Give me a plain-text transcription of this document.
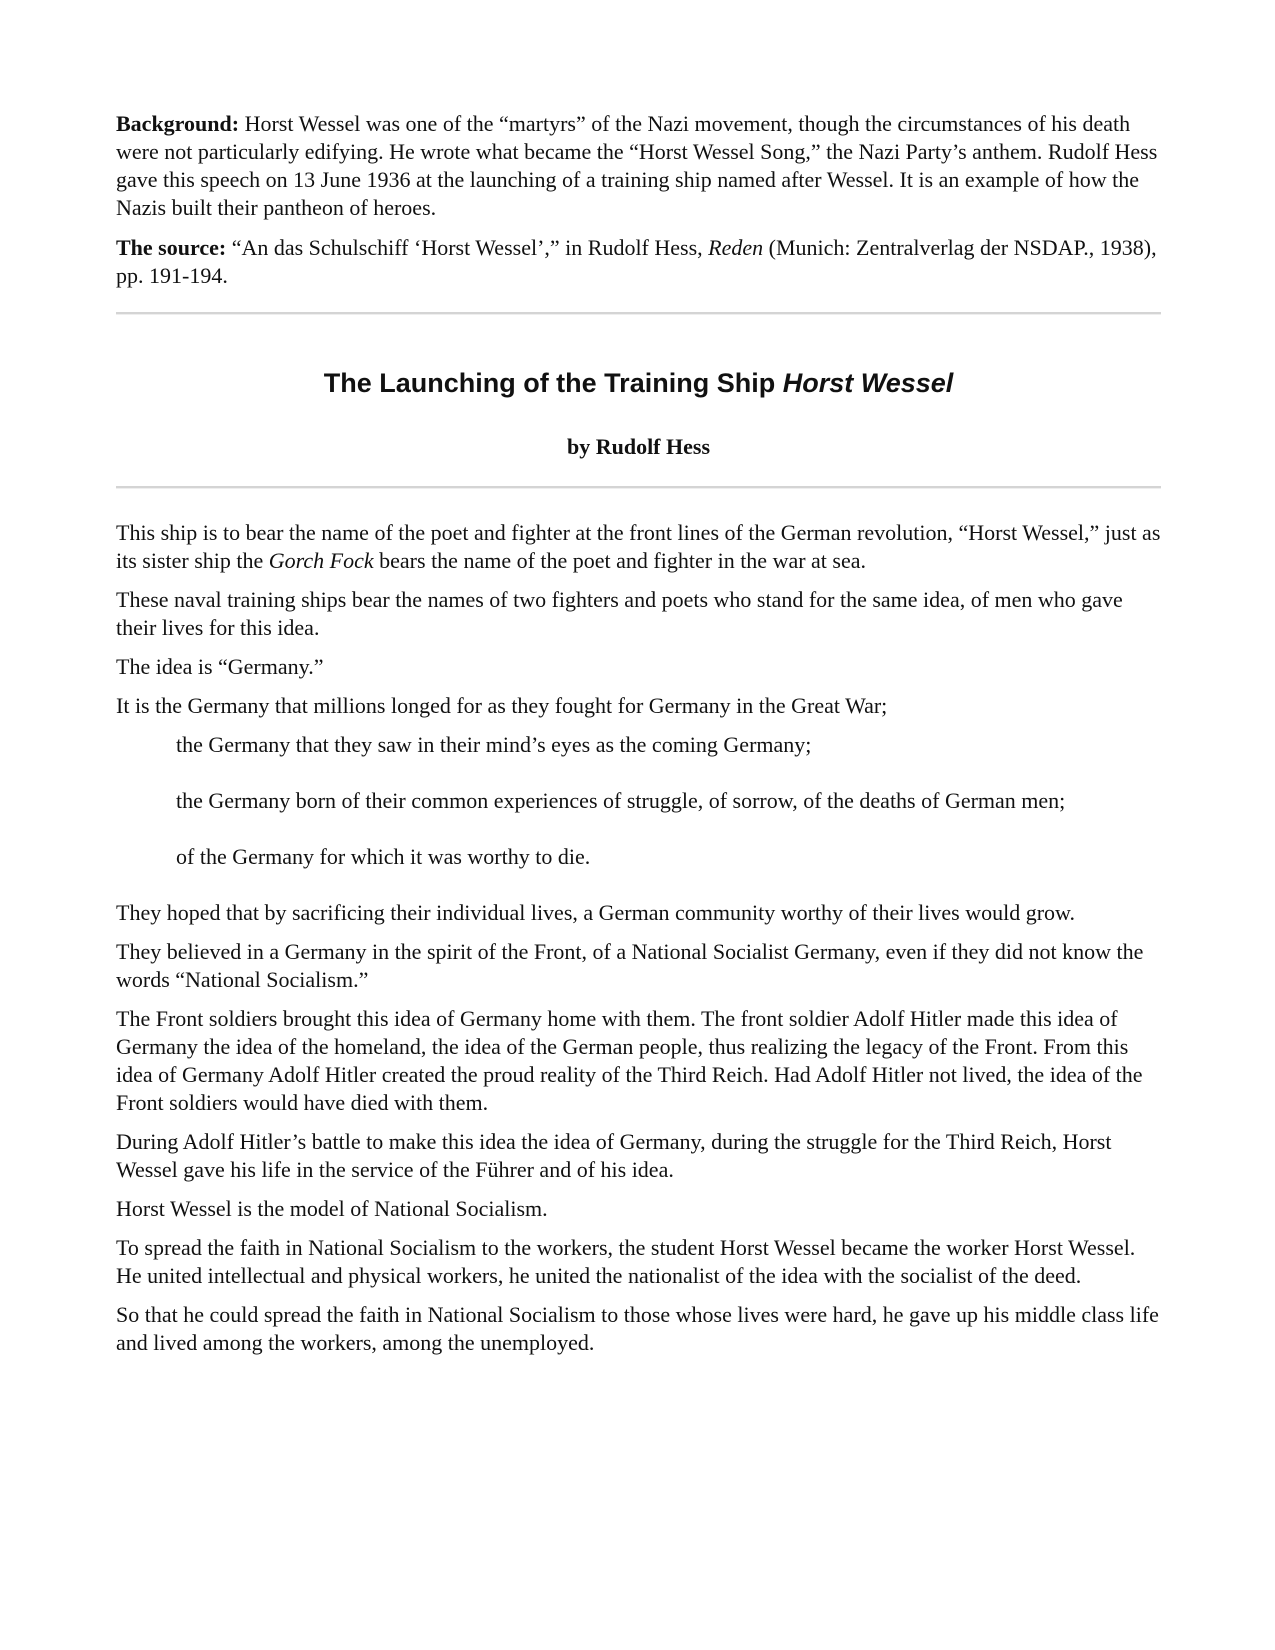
Background: Horst Wessel was one of the “martyrs” of the Nazi movement, though the circumstances of his death were not particularly edifying. He wrote what became the “Horst Wessel Song,” the Nazi Party’s anthem. Rudolf Hess gave this speech on 13 June 1936 at the launching of a training ship named after Wessel. It is an example of how the Nazis built their pantheon of heroes.

The source: “An das Schulschiff ‘Horst Wessel’,” in Rudolf Hess, Reden (Munich: Zentralverlag der NSDAP., 1938), pp. 191-194.

The Launching of the Training Ship Horst Wessel
by Rudolf Hess

This ship is to bear the name of the poet and fighter at the front lines of the German revolution, “Horst Wessel,” just as its sister ship the Gorch Fock bears the name of the poet and fighter in the war at sea.

These naval training ships bear the names of two fighters and poets who stand for the same idea, of men who gave their lives for this idea.

The idea is “Germany.”

It is the Germany that millions longed for as they fought for Germany in the Great War;

the Germany that they saw in their mind’s eyes as the coming Germany;

the Germany born of their common experiences of struggle, of sorrow, of the deaths of German men;

of the Germany for which it was worthy to die.

They hoped that by sacrificing their individual lives, a German community worthy of their lives would grow.

They believed in a Germany in the spirit of the Front, of a National Socialist Germany, even if they did not know the words “National Socialism.”

The Front soldiers brought this idea of Germany home with them. The front soldier Adolf Hitler made this idea of Germany the idea of the homeland, the idea of the German people, thus realizing the legacy of the Front. From this idea of Germany Adolf Hitler created the proud reality of the Third Reich. Had Adolf Hitler not lived, the idea of the Front soldiers would have died with them.

During Adolf Hitler’s battle to make this idea the idea of Germany, during the struggle for the Third Reich, Horst Wessel gave his life in the service of the Führer and of his idea.

Horst Wessel is the model of National Socialism.

To spread the faith in National Socialism to the workers, the student Horst Wessel became the worker Horst Wessel. He united intellectual and physical workers, he united the nationalist of the idea with the socialist of the deed.

So that he could spread the faith in National Socialism to those whose lives were hard, he gave up his middle class life and lived among the workers, among the unemployed.
